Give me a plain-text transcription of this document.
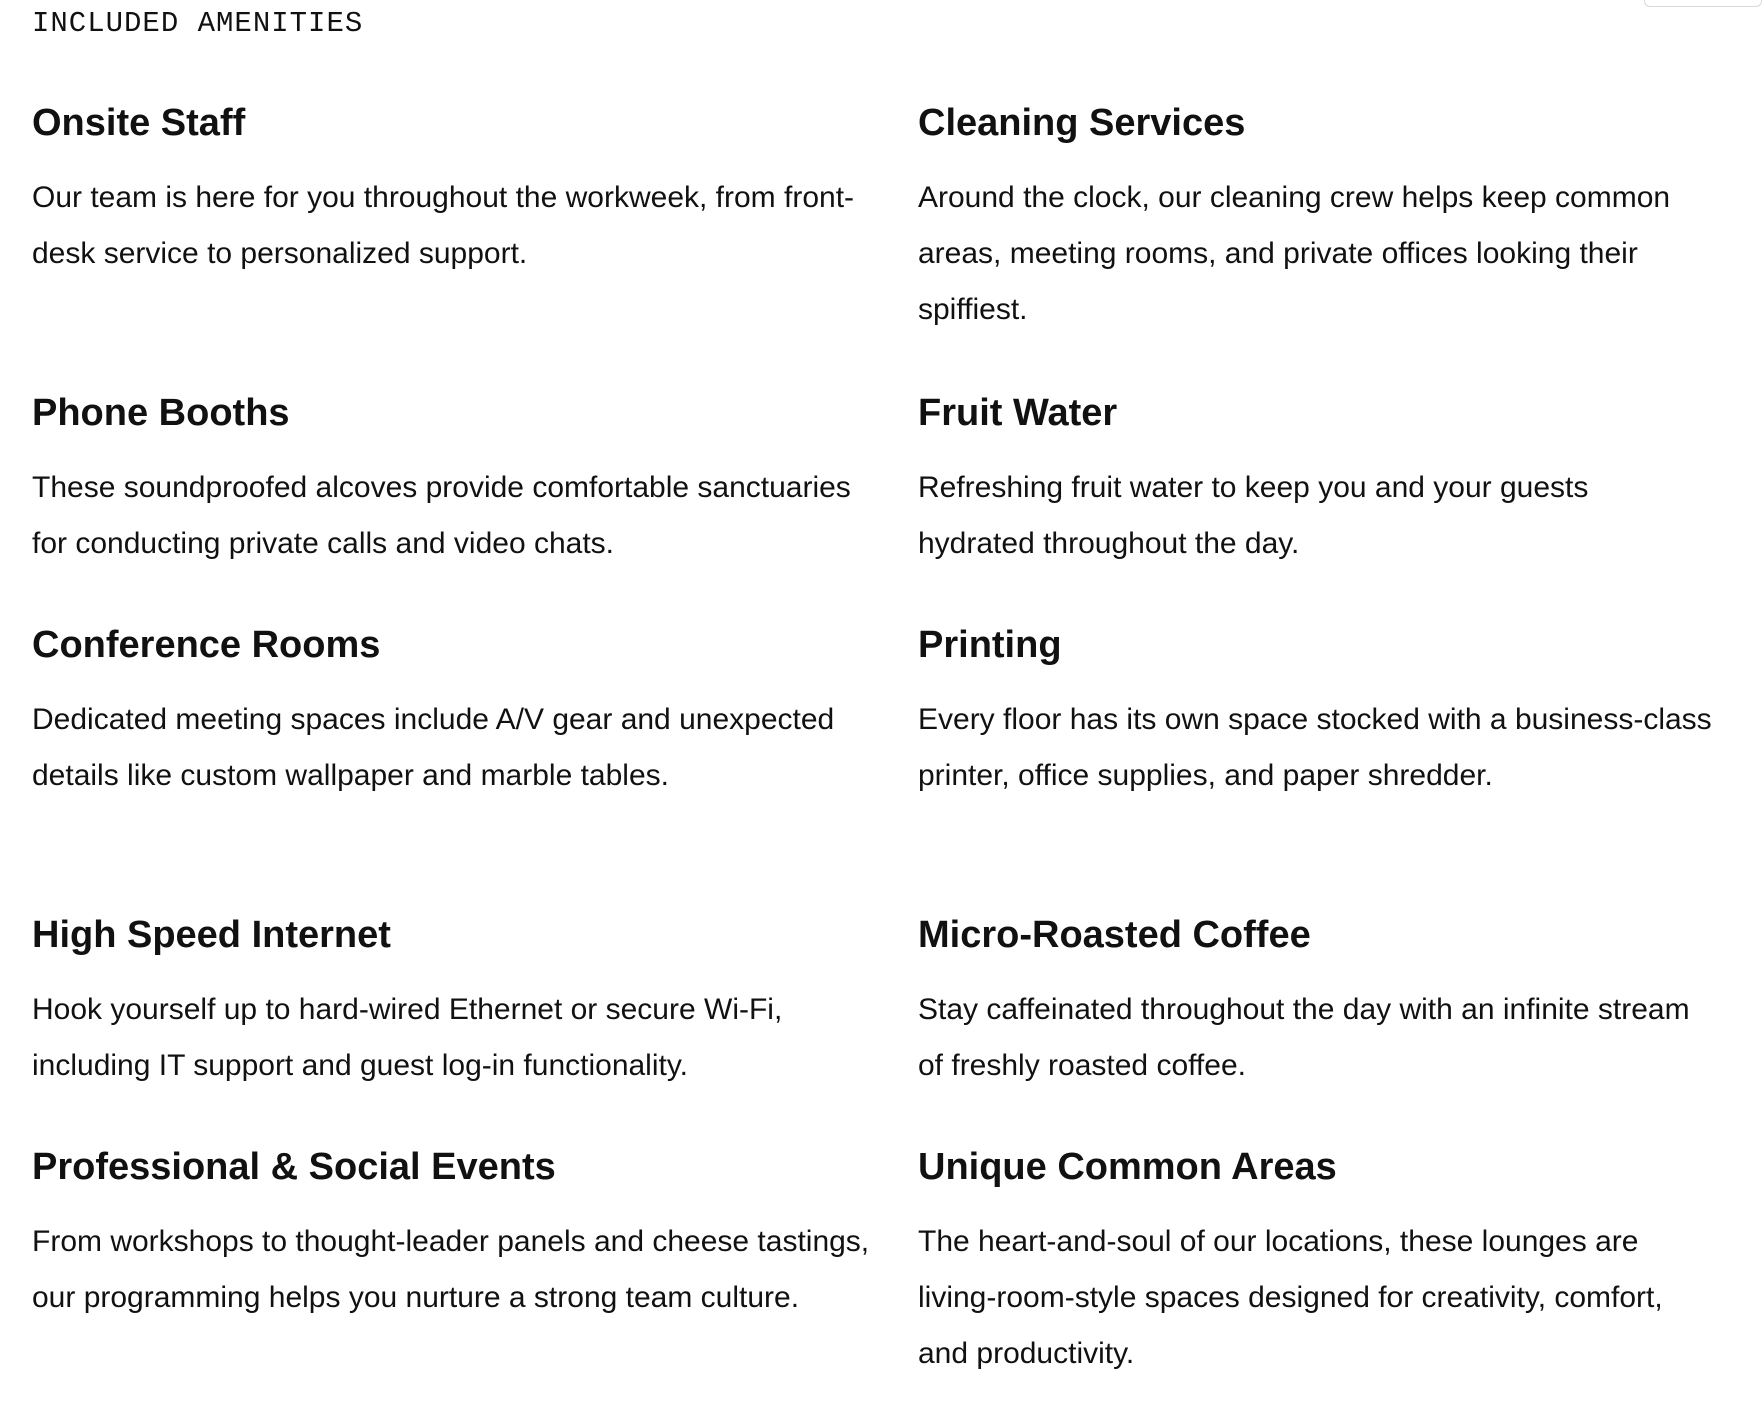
INCLUDED AMENITIES
Onsite Staff

Our team is here for you throughout the workweek, from front-desk service to personalized support.

Cleaning Services

Around the clock, our cleaning crew helps keep common areas, meeting rooms, and private offices looking their spiffiest.

Phone Booths

These soundproofed alcoves provide comfortable sanctuaries for conducting private calls and video chats.

Fruit Water

Refreshing fruit water to keep you and your guests hydrated throughout the day.

Conference Rooms

Dedicated meeting spaces include A/V gear and unexpected details like custom wallpaper and marble tables.

Printing

Every floor has its own space stocked with a business-class printer, office supplies, and paper shredder.

High Speed Internet

Hook yourself up to hard-wired Ethernet or secure Wi-Fi, including IT support and guest log-in functionality.

Micro-Roasted Coffee

Stay caffeinated throughout the day with an infinite stream of freshly roasted coffee.

Professional & Social Events

From workshops to thought-leader panels and cheese tastings, our programming helps you nurture a strong team culture.

Unique Common Areas

The heart-and-soul of our locations, these lounges are living-room-style spaces designed for creativity, comfort, and productivity.
